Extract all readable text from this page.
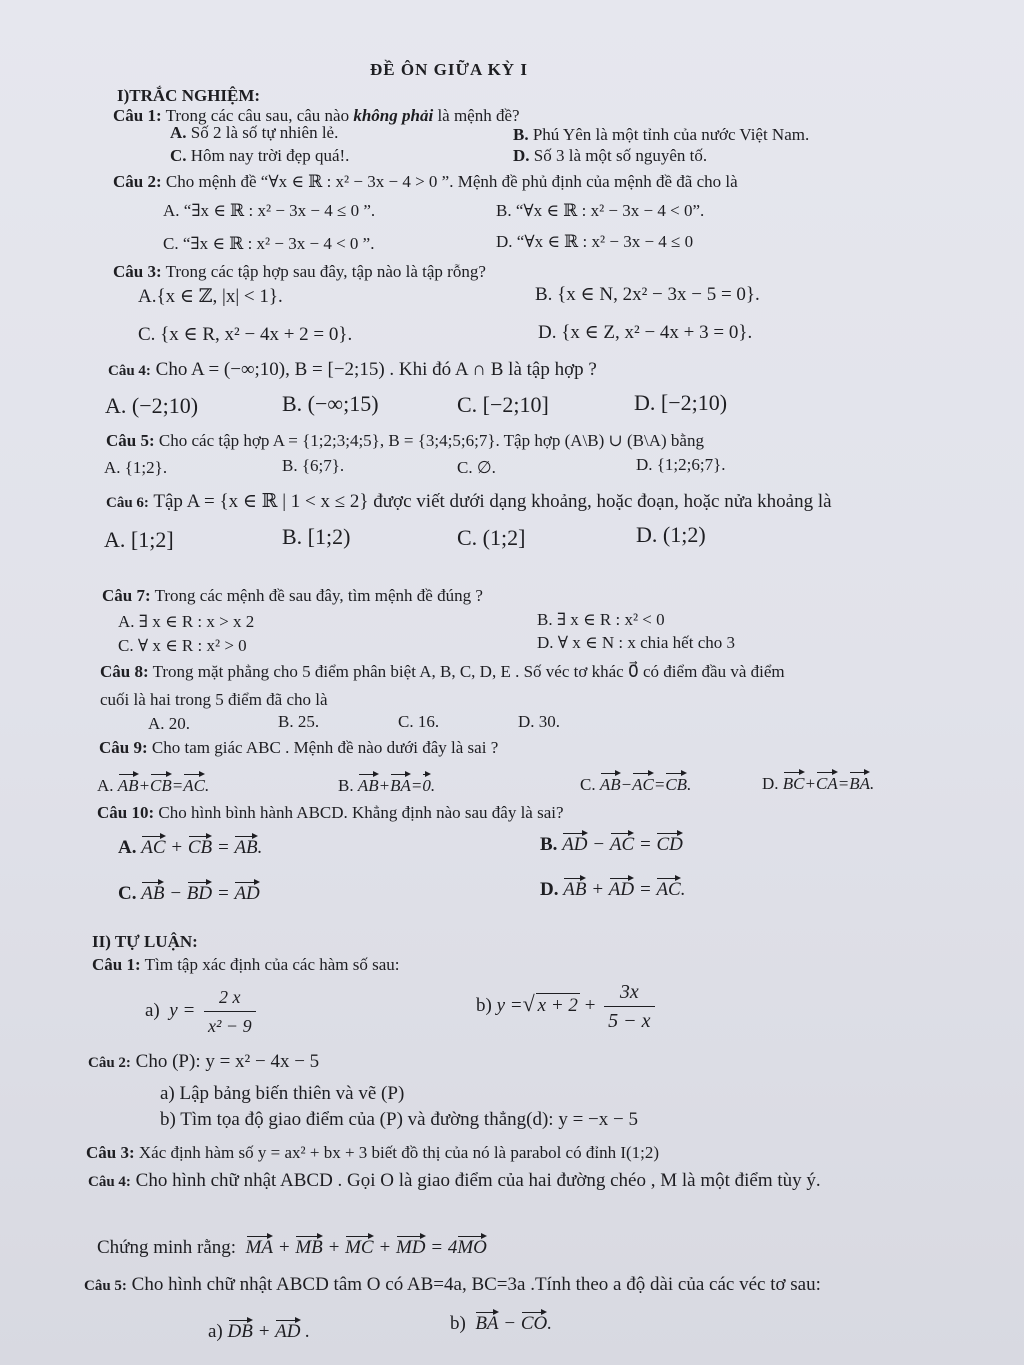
ĐỀ ÔN GIỮA KỲ I
I)TRẮC NGHIỆM:
Câu 1: Trong các câu sau, câu nào không phải là mệnh đề?
A. Số 2 là số tự nhiên lẻ.	B. Phú Yên là một tỉnh của nước Việt Nam.
C. Hôm nay trời đẹp quá!.	D. Số 3 là một số nguyên tố.
Câu 2: Cho mệnh đề “∀x ∈ ℝ : x² − 3x − 4 > 0 ”. Mệnh đề phủ định của mệnh đề đã cho là
A. “∃x ∈ ℝ : x² − 3x − 4 ≤ 0 ”.	B. “∀x ∈ ℝ : x² − 3x − 4 < 0”.
C. “∃x ∈ ℝ : x² − 3x − 4 < 0 ”.	D. “∀x ∈ ℝ : x² − 3x − 4 ≤ 0
Câu 3: Trong các tập hợp sau đây, tập nào là tập rỗng?
A.{x ∈ ℤ, |x| < 1}.	B. {x ∈ N, 2x² − 3x − 5 = 0}.
C. {x ∈ R, x² − 4x + 2 = 0}.	D. {x ∈ Z, x² − 4x + 3 = 0}.
Câu 4: Cho A = (−∞;10), B = [−2;15) . Khi đó A ∩ B là tập hợp ?
A. (−2;10)	B. (−∞;15)	C. [−2;10]	D. [−2;10)
Câu 5: Cho các tập hợp A = {1;2;3;4;5}, B = {3;4;5;6;7}. Tập hợp (A\B) ∪ (B\A) bằng
A. {1;2}.	B. {6;7}.	C. ∅.	D. {1;2;6;7}.
Câu 6: Tập A = {x ∈ ℝ | 1 < x ≤ 2} được viết dưới dạng khoảng, hoặc đoạn, hoặc nửa khoảng là
A. [1;2]	B. [1;2)	C. (1;2]	D. (1;2)
Câu 7: Trong các mệnh đề sau đây, tìm mệnh đề đúng ?
A. ∃ x ∈ R : x > x 2	B. ∃ x ∈ R : x² < 0
C. ∀ x ∈ R : x² > 0	D. ∀ x ∈ N : x chia hết cho 3
Câu 8: Trong mặt phẳng cho 5 điểm phân biệt A, B, C, D, E . Số véc tơ khác 0⃗ có điểm đầu và điểm
cuối là hai trong 5 điểm đã cho là
A. 20.	B. 25.	C. 16.	D. 30.
Câu 9: Cho tam giác ABC . Mệnh đề nào dưới đây là sai ?
A. AB+CB=AC.	B. AB+BA=0.	C. AB−AC=CB.	D. BC+CA=BA.
Câu 10: Cho hình bình hành ABCD. Khẳng định nào sau đây là sai?
A. AC + CB = AB.	B. AD − AC = CD
C. AB − BD = AD	D. AB + AD = AC.
II) TỰ LUẬN:
Câu 1: Tìm tập xác định của các hàm số sau:
a) $y = \frac{2 x}{\text{x² − 9}}$	b) y =√ $x + 2 + \frac{3x}{5 - x}$
Câu 2: Cho (P): y = x² − 4x − 5
a) Lập bảng biến thiên và vẽ (P)
b) Tìm tọa độ giao điểm của (P) và đường thẳng(d): y = −x − 5
Câu 3: Xác định hàm số y = ax² + bx + 3 biết đồ thị của nó là parabol có đỉnh I(1;2)
Câu 4: Cho hình chữ nhật ABCD . Gọi O là giao điểm của hai đường chéo , M là một điểm tùy ý.
Chứng minh rằng: MA + MB + MC + MD = 4MO
Câu 5: Cho hình chữ nhật ABCD tâm O có AB=4a, BC=3a .Tính theo a độ dài của các véc tơ sau:
a) DB + AD .	b) BA − CO.
